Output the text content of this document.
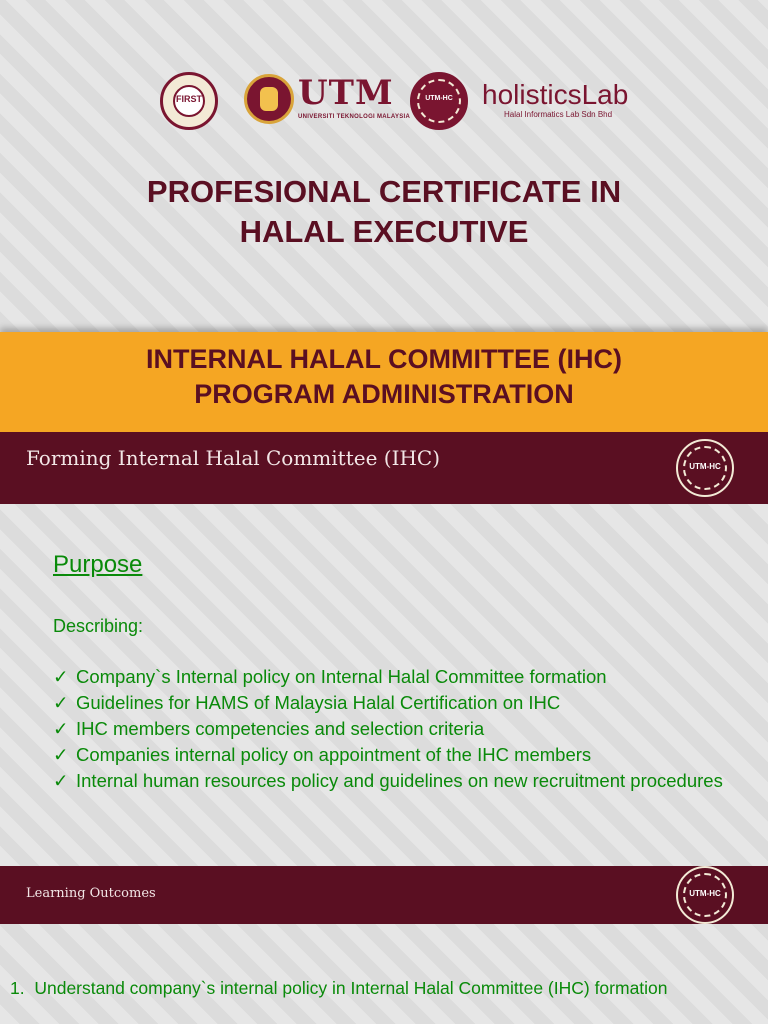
FIRST	UTM
UNIVERSITI TEKNOLOGI MALAYSIA
UTM-HC	holisticsLab
Halal Informatics Lab Sdn Bhd
PROFESIONAL CERTIFICATE IN
HALAL EXECUTIVE
INTERNAL HALAL COMMITTEE (IHC)
PROGRAM ADMINISTRATION
Forming Internal Halal Committee (IHC)	UTM-HC
Purpose
Describing:
✓ Company`s Internal policy on Internal Halal Committee formation
✓ Guidelines for HAMS of Malaysia Halal Certification on IHC
✓ IHC members competencies and selection criteria
✓ Companies internal policy on appointment of the IHC members
✓ Internal human resources policy and guidelines on new recruitment procedures
Learning Outcomes	UTM-HC
1. Understand company`s internal policy in Internal Halal Committee (IHC) formation
